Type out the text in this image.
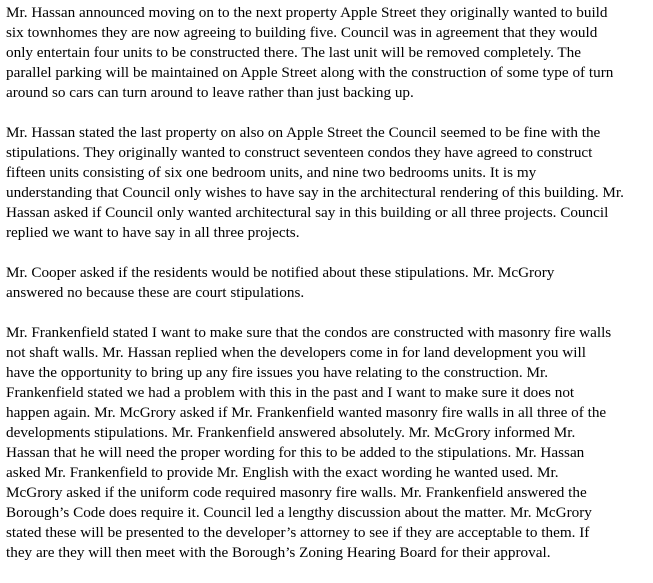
Mr. Hassan announced moving on to the next property Apple Street they originally wanted to build
six townhomes they are now agreeing to building five. Council was in agreement that they would
only entertain four units to be constructed there. The last unit will be removed completely. The
parallel parking will be maintained on Apple Street along with the construction of some type of turn
around so cars can turn around to leave rather than just backing up.

Mr. Hassan stated the last property on also on Apple Street the Council seemed to be fine with the
stipulations. They originally wanted to construct seventeen condos they have agreed to construct
fifteen units consisting of six one bedroom units, and nine two bedrooms units. It is my
understanding that Council only wishes to have say in the architectural rendering of this building. Mr.
Hassan asked if Council only wanted architectural say in this building or all three projects. Council
replied we want to have say in all three projects.

Mr. Cooper asked if the residents would be notified about these stipulations. Mr. McGrory
answered no because these are court stipulations.

Mr. Frankenfield stated I want to make sure that the condos are constructed with masonry fire walls
not shaft walls. Mr. Hassan replied when the developers come in for land development you will
have the opportunity to bring up any fire issues you have relating to the construction. Mr.
Frankenfield stated we had a problem with this in the past and I want to make sure it does not
happen again. Mr. McGrory asked if Mr. Frankenfield wanted masonry fire walls in all three of the
developments stipulations. Mr. Frankenfield answered absolutely. Mr. McGrory informed Mr.
Hassan that he will need the proper wording for this to be added to the stipulations. Mr. Hassan
asked Mr. Frankenfield to provide Mr. English with the exact wording he wanted used. Mr.
McGrory asked if the uniform code required masonry fire walls. Mr. Frankenfield answered the
Borough’s Code does require it. Council led a lengthy discussion about the matter. Mr. McGrory
stated these will be presented to the developer’s attorney to see if they are acceptable to them. If
they are they will then meet with the Borough’s Zoning Hearing Board for their approval.
